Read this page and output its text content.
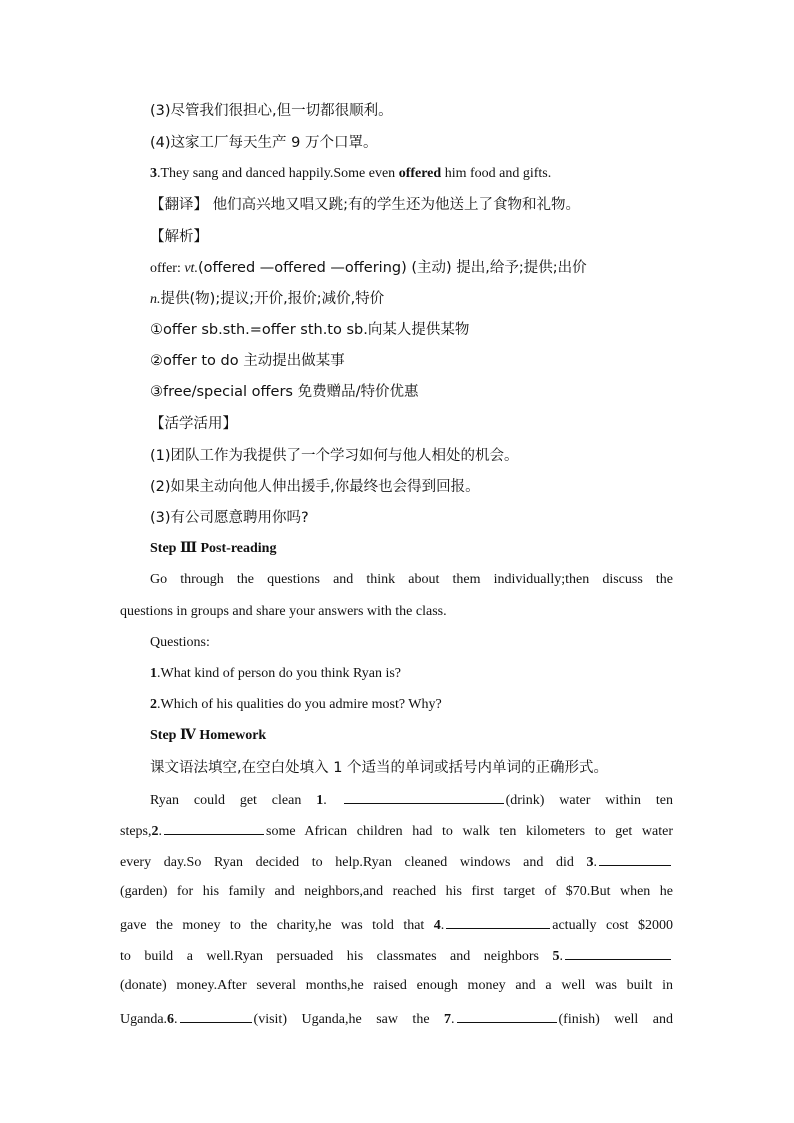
(3)尽管我们很担心,但一切都很顺利。
(4)这家工厂每天生产 9 万个口罩。
3.They sang and danced happily.Some even offered him food and gifts.
【翻译】 他们高兴地又唱又跳;有的学生还为他送上了食物和礼物。
【解析】
offer: vt.(offered —offered —offering) (主动) 提出,给予;提供;出价
n.提供(物);提议;开价,报价;减价,特价
①offer sb.sth.=offer sth.to sb.向某人提供某物
②offer to do 主动提出做某事
③free/special offers 免费赠品/特价优惠
【活学活用】
(1)团队工作为我提供了一个学习如何与他人相处的机会。
(2)如果主动向他人伸出援手,你最终也会得到回报。
(3)有公司愿意聘用你吗?
Step Ⅲ Post-reading
Go through the questions and think about them individually;then discuss the
questions in groups and share your answers with the class.
Questions:
1.What kind of person do you think Ryan is?
2.Which of his qualities do you admire most? Why?
Step Ⅳ Homework
课文语法填空,在空白处填入 1 个适当的单词或括号内单词的正确形式。
Ryan could get clean 1.	(drink) water within ten
steps,2.	some African children had to walk ten kilometers to get water
every day.So Ryan decided to help.Ryan cleaned windows and did 3.
(garden) for his family and neighbors,and reached his first target of $70.But when he
gave the money to the charity,he was told that 4.	actually cost $2000
to build a well.Ryan persuaded his classmates and neighbors 5.
(donate) money.After several months,he raised enough money and a well was built in
Uganda.6.	(visit) Uganda,he saw the 7.	(finish) well and
